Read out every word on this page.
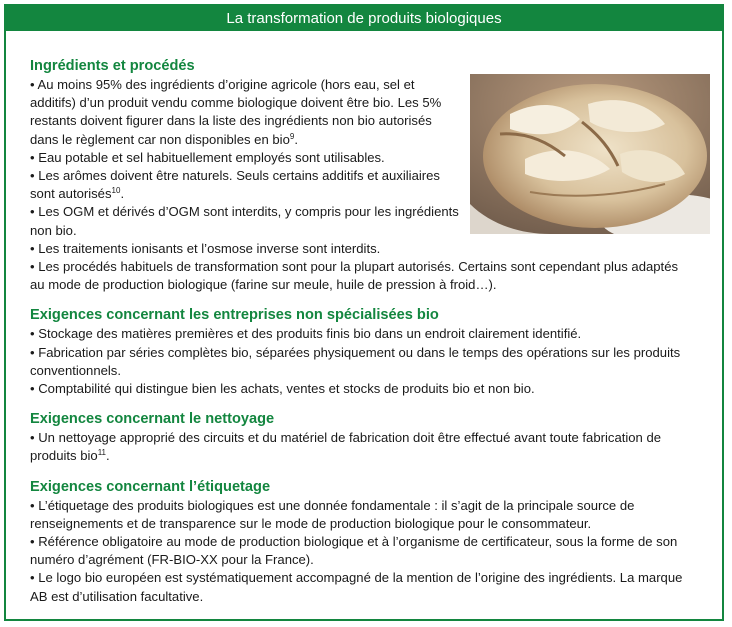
La transformation de produits biologiques
Ingrédients et procédés

• Au moins 95% des ingrédients d’origine agricole (hors eau, sel et additifs) d’un produit vendu comme biologique doivent être bio. Les 5% restants doivent figurer dans la liste des ingrédients non bio autorisés dans le règlement car non disponibles en bio$^9$.

• Eau potable et sel habituellement employés sont utilisables.

• Les arômes doivent être naturels. Seuls certains additifs et auxiliaires sont autorisés$^{10}$.

• Les OGM et dérivés d’OGM sont interdits, y compris pour les ingrédients non bio.

• Les traitements ionisants et l’osmose inverse sont interdits.

• Les procédés habituels de transformation sont pour la plupart autorisés. Certains sont cependant plus adaptés au mode de production biologique (farine sur meule, huile de pression à froid…).

Exigences concernant les entreprises non spécialisées bio

• Stockage des matières premières et des produits finis bio dans un endroit clairement identifié.

• Fabrication par séries complètes bio, séparées physiquement ou dans le temps des opérations sur les produits conventionnels.

• Comptabilité qui distingue bien les achats, ventes et stocks de produits bio et non bio.

Exigences concernant le nettoyage

• Un nettoyage approprié des circuits et du matériel de fabrication doit être effectué avant toute fabrication de produits bio$^{11}$.

Exigences concernant l’étiquetage

• L’étiquetage des produits biologiques est une donnée fondamentale : il s’agit de la principale source de renseignements et de transparence sur le mode de production biologique pour le consommateur.

• Référence obligatoire au mode de production biologique et à l’organisme de certificateur, sous la forme de son numéro d’agrément (FR-BIO-XX pour la France).

• Le logo bio européen est systématiquement accompagné de la mention de l’origine des ingrédients. La marque AB est d’utilisation facultative.
